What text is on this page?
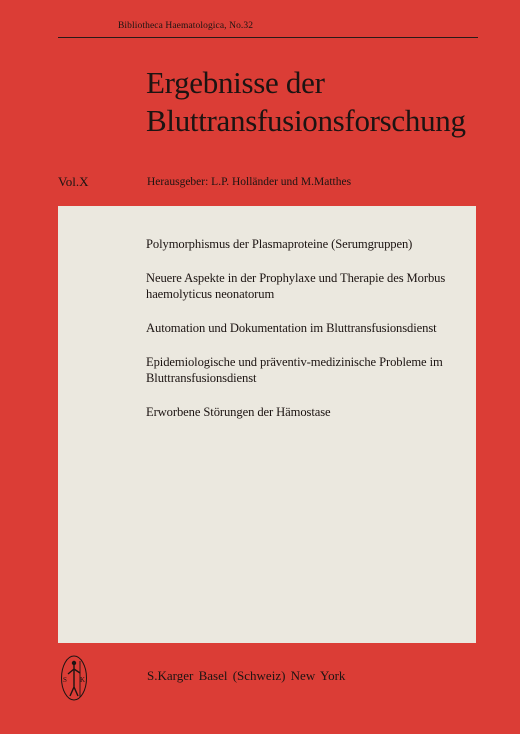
Bibliotheca Haematologica, No.32
Ergebnisse der
Bluttransfusionsforschung
Vol.X	Herausgeber: L.P. Holländer und M.Matthes
Polymorphismus der Plasmaproteine (Serumgruppen)
Neuere Aspekte in der Prophylaxe und Therapie des Morbus haemolyticus neonatorum
Automation und Dokumentation im Bluttransfusionsdienst
Epidemiologische und präventiv-medizinische Probleme im Bluttransfusionsdienst
Erworbene Störungen der Hämostase
S K	S.Karger Basel (Schweiz) New York
